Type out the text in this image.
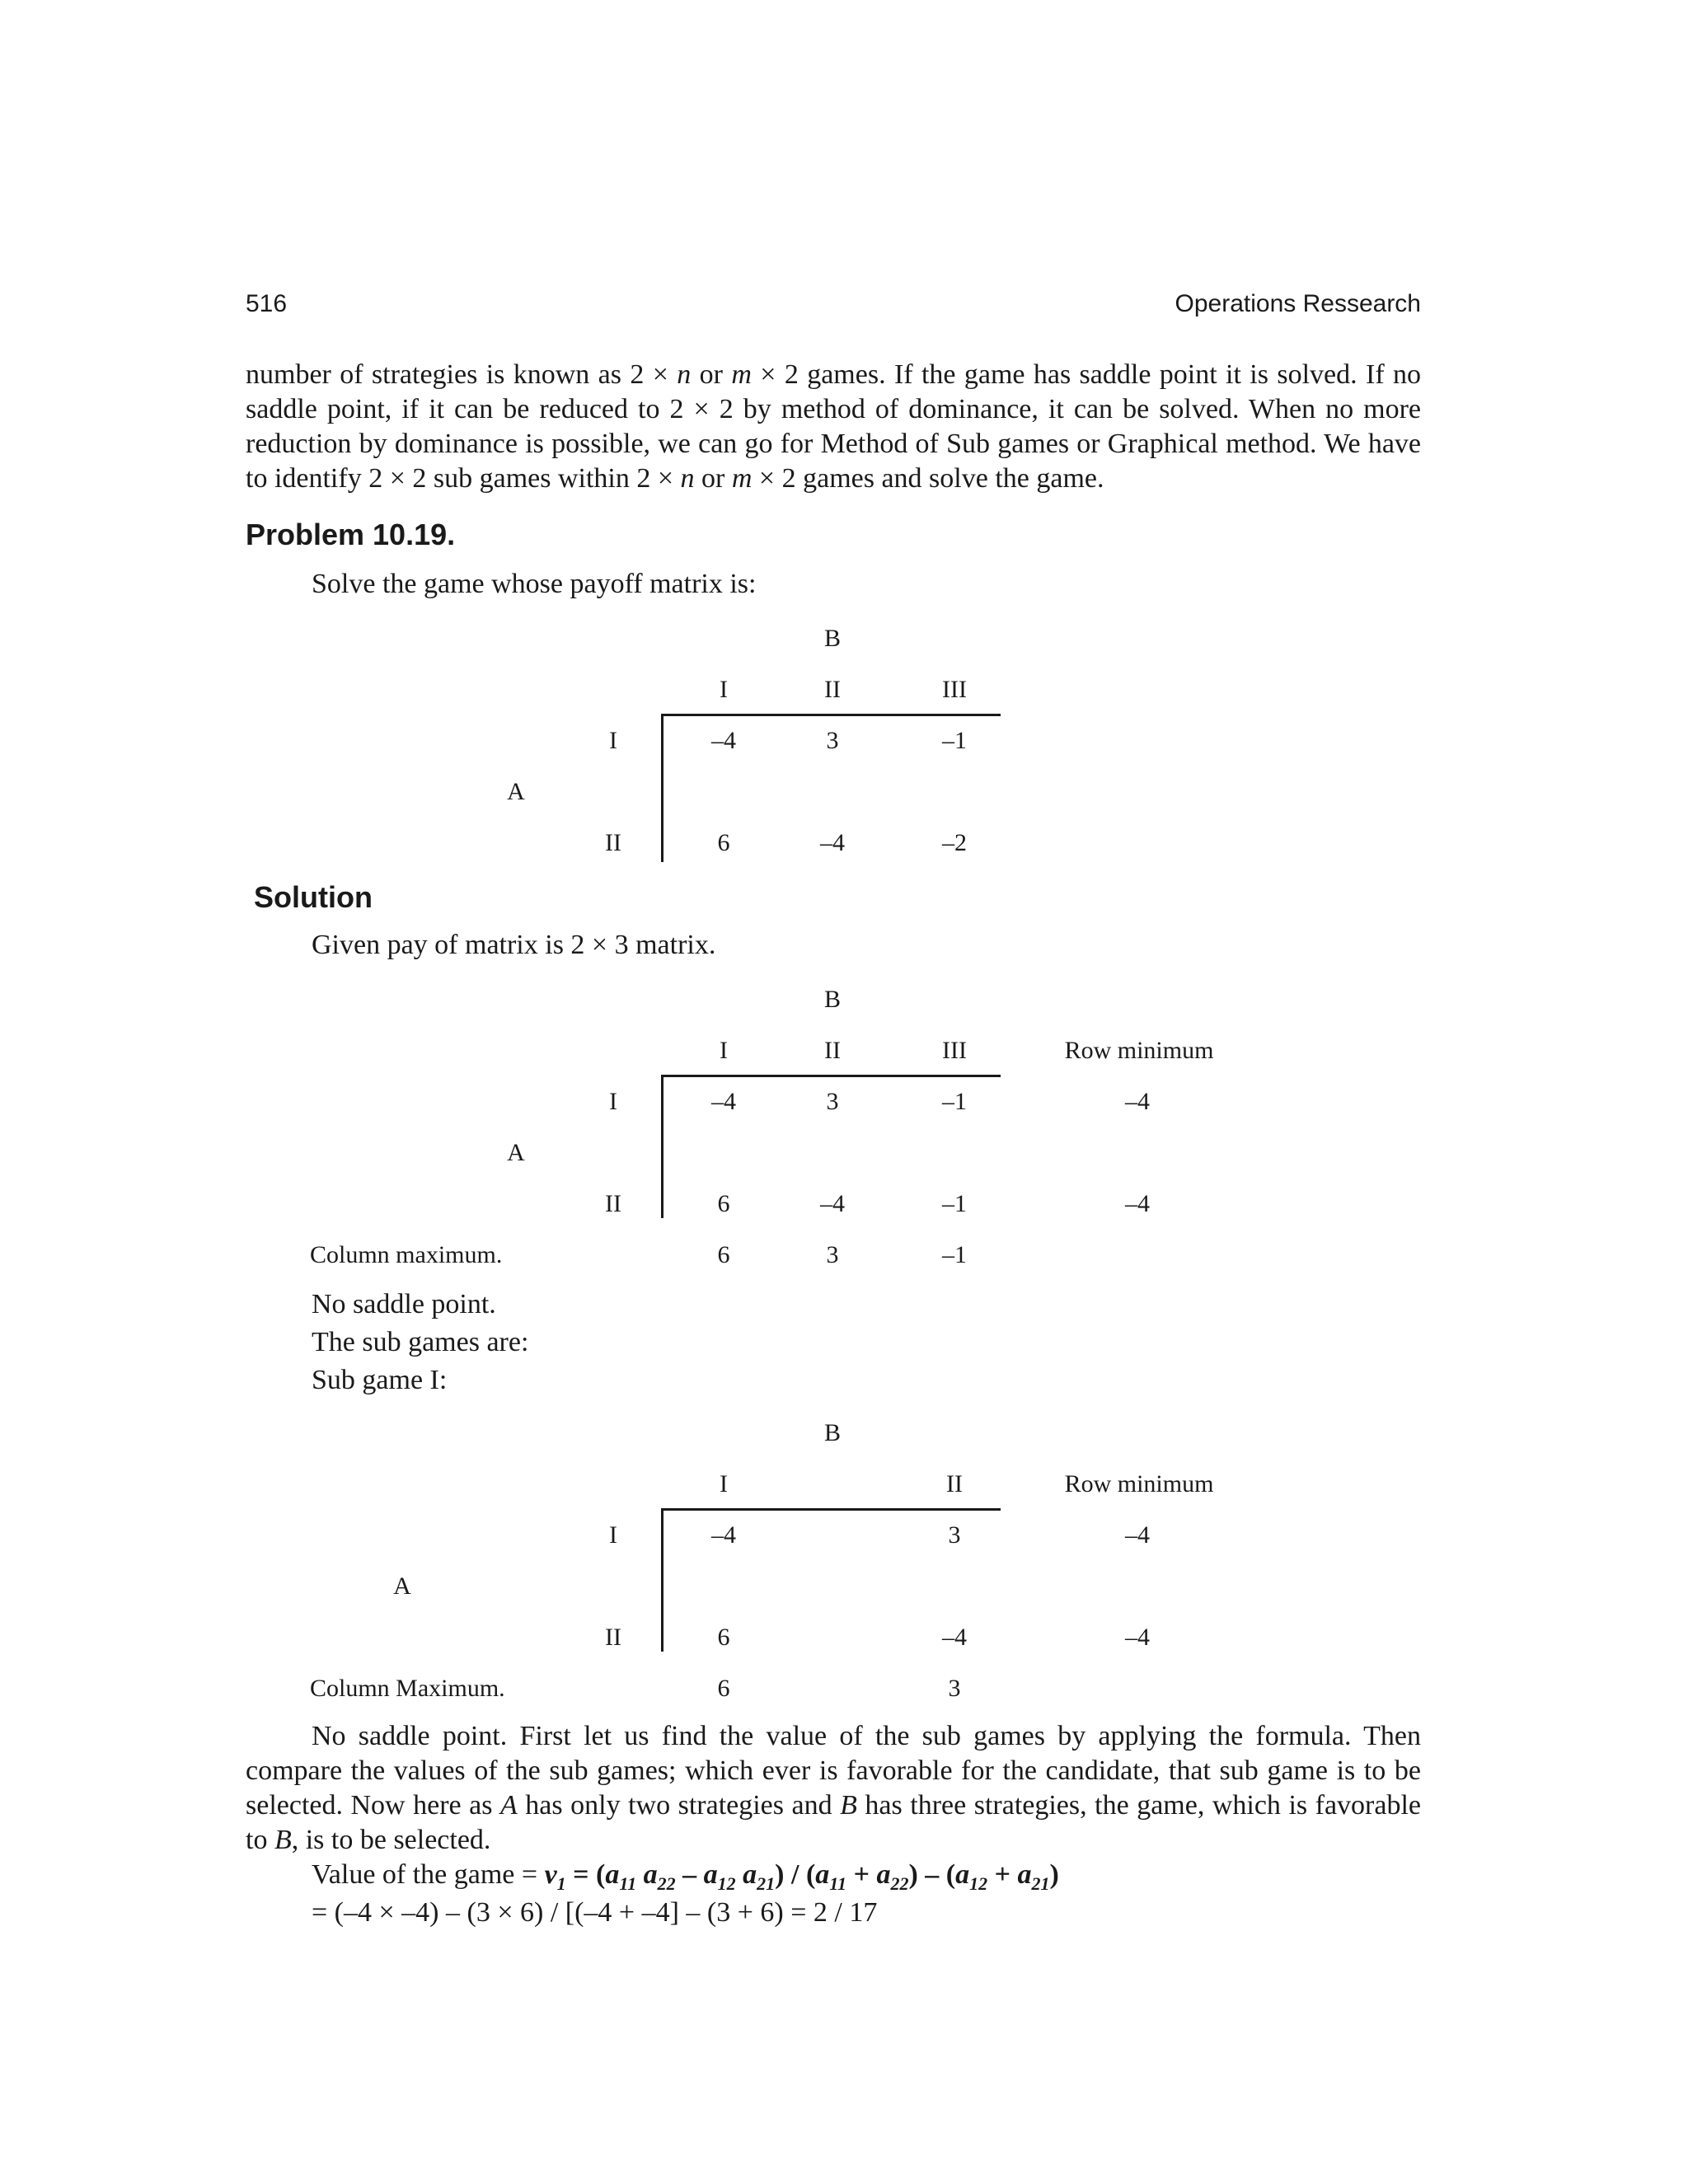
516	Operations Ressearch
number of strategies is known as 2 × n or m × 2 games. If the game has saddle point it is solved. If no saddle point, if it can be reduced to 2 × 2 by method of dominance, it can be solved. When no more reduction by dominance is possible, we can go for Method of Sub games or Graphical method. We have to identify 2 × 2 sub games within 2 × n or m × 2 games and solve the game.
Problem 10.19.
Solve the game whose payoff matrix is:
B
I	II	III
I	–4	3	–1
A
II	6	–4	–2
Solution
Given pay of matrix is 2 × 3 matrix.
B
I	II	III	Row minimum
I	–4	3	–1	–4
A
II	6	–4	–1	–4
Column maximum.	6	3	–1
No saddle point.
The sub games are:
Sub game I:
B
I	II	Row minimum
I	–4	3	–4
A
II	6	–4	–4
Column Maximum.	6	3
No saddle point. First let us find the value of the sub games by applying the formula. Then compare the values of the sub games; which ever is favorable for the candidate, that sub game is to be selected. Now here as A has only two strategies and B has three strategies, the game, which is favorable to B, is to be selected.
Value of the game = $v_1 = (a_{11}$ $a_{22} - a_{12}$ $a_{21}) / (a_{11} + a_{22}) - (a_{12} + a_{21})$
= (–4 × –4) – (3 × 6) / [(–4 + –4] – (3 + 6) = 2 / 17
